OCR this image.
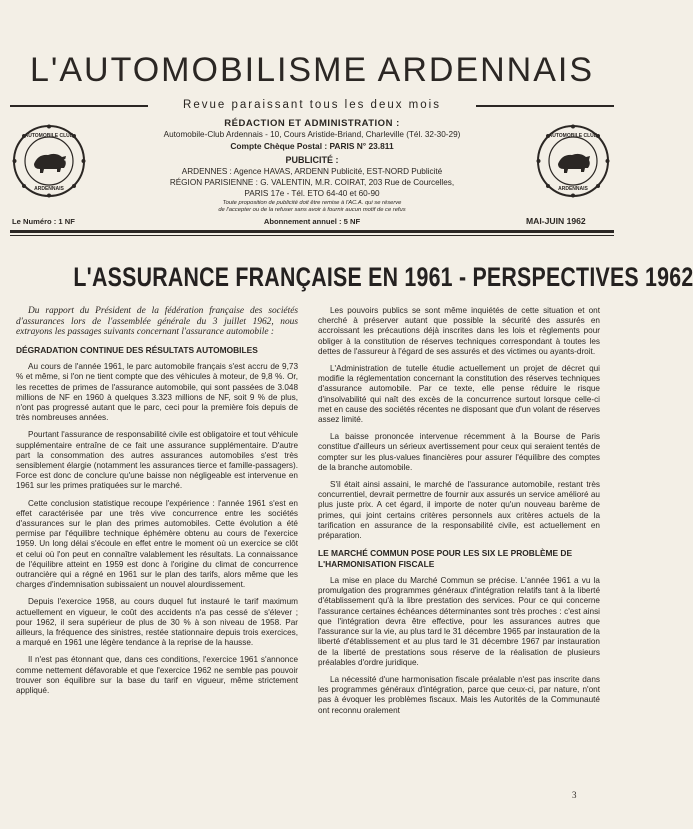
L'AUTOMOBILISME ARDENNAIS
Revue paraissant tous les deux mois
ARDENNAIS
AUTOMOBILE CLUB
ARDENNAIS
AUTOMOBILE CLUB
RÉDACTION ET ADMINISTRATION :
Automobile-Club Ardennais - 10, Cours Aristide-Briand, Charleville (Tél. 32-30-29)
Compte Chèque Postal : PARIS N° 23.811
PUBLICITÉ :
ARDENNES : Agence HAVAS, ARDENN Publicité, EST-NORD Publicité
RÉGION PARISIENNE : G. VALENTIN, M.R. COIRAT, 203 Rue de Courcelles,
PARIS 17e - Tél. ETO 64-40 et 60-90
Toute proposition de publicité doit être remise à l'AC.A. qui se réserve
de l'accepter ou de la refuser sans avoir à fournir aucun motif de ce refus
Le Numéro : 1 NF	Abonnement annuel : 5 NF	MAI-JUIN 1962
L'ASSURANCE FRANÇAISE EN 1961 - PERSPECTIVES 1962

Du rapport du Président de la fédération française des sociétés d'assurances lors de l'assemblée générale du 3 juillet 1962, nous extrayons les passages suivants concernant l'assurance automobile :

DÉGRADATION CONTINUE DES RÉSULTATS AUTOMOBILES

Au cours de l'année 1961, le parc automobile français s'est accru de 9,73 % et même, si l'on ne tient compte que des véhicules à moteur, de 9,8 %. Or, les recettes de primes de l'assurance automobile, qui sont passées de 3.048 millions de NF en 1960 à quelques 3.323 millions de NF, soit 9 % de plus, n'ont pas progressé autant que le parc, ceci pour la première fois depuis de très nombreuses années.

Pourtant l'assurance de responsabilité civile est obligatoire et tout véhicule supplémentaire entraîne de ce fait une assurance supplémentaire. D'autre part la consommation des autres assurances automobiles s'est très sensiblement élargie (notamment les assurances tierce et famille-passagers). Force est donc de conclure qu'une baisse non négligeable est intervenue en 1961 sur les primes pratiquées sur le marché.

Cette conclusion statistique recoupe l'expérience : l'année 1961 s'est en effet caractérisée par une très vive concurrence entre les sociétés d'assurances sur le plan des primes automobiles. Cette évolution a été permise par l'équilibre technique éphémère obtenu au cours de l'exercice 1959. Un long délai s'écoule en effet entre le moment où un exercice se clôt et celui où l'on peut en connaître valablement les résultats. La connaissance de l'équilibre atteint en 1959 est donc à l'origine du climat de concurrence outrancière qui a régné en 1961 sur le plan des tarifs, alors même que les charges d'indemnisation subissaient un nouvel alourdissement.

Depuis l'exercice 1958, au cours duquel fut instauré le tarif maximum actuellement en vigueur, le coût des accidents n'a pas cessé de s'élever ; pour 1962, il sera supérieur de plus de 30 % à son niveau de 1958. Par ailleurs, la fréquence des sinistres, restée stationnaire depuis trois exercices, a marqué en 1961 une légère tendance à la reprise de la hausse.

Il n'est pas étonnant que, dans ces conditions, l'exercice 1961 s'annonce comme nettement défavorable et que l'exercice 1962 ne semble pas pouvoir trouver son équilibre sur la base du tarif en vigueur, même strictement appliqué.

Les pouvoirs publics se sont même inquiétés de cette situation et ont cherché à préserver autant que possible la sécurité des assurés en accroissant les précautions déjà inscrites dans les lois et règlements pour obliger à la constitution de réserves techniques correspondant à toutes les dettes de l'assureur à l'égard de ses assurés et des victimes ou ayants-droit.

L'Administration de tutelle étudie actuellement un projet de décret qui modifie la réglementation concernant la constitution des réserves techniques d'assurance automobile. Par ce texte, elle pense réduire le risque d'insolvabilité qui naît des excès de la concurrence surtout lorsque celle-ci met en cause des sociétés récentes ne disposant que d'un volant de réserves assez limité.

La baisse prononcée intervenue récemment à la Bourse de Paris constitue d'ailleurs un sérieux avertissement pour ceux qui seraient tentés de compter sur les plus-values financières pour assurer l'équilibre des comptes de la branche automobile.

S'il était ainsi assaini, le marché de l'assurance automobile, restant très concurrentiel, devrait permettre de fournir aux assurés un service amélioré au plus juste prix. A cet égard, il importe de noter qu'un nouveau barème de primes, qui joint certains critères personnels aux critères actuels de la tarification en assurance de la responsabilité civile, est actuellement en préparation.

LE MARCHÉ COMMUN POSE POUR LES SIX LE PROBLÈME DE L'HARMONISATION FISCALE

La mise en place du Marché Commun se précise. L'année 1961 a vu la promulgation des programmes généraux d'intégration relatifs tant à la liberté d'établissement qu'à la libre prestation des services. Pour ce qui concerne l'assurance certaines échéances déterminantes sont très proches : c'est ainsi que l'intégration devra être effective, pour les assurances autres que l'assurance sur la vie, au plus tard le 31 décembre 1965 par instauration de la liberté d'établissement et au plus tard le 31 décembre 1967 par instauration de la liberté de prestations sous réserve de la réalisation de plusieurs préalables d'ordre juridique.

La nécessité d'une harmonisation fiscale préalable n'est pas inscrite dans les programmes généraux d'intégration, parce que ceux-ci, par nature, n'ont pas à évoquer les problèmes fiscaux. Mais les Autorités de la Communauté ont reconnu oralement

3
